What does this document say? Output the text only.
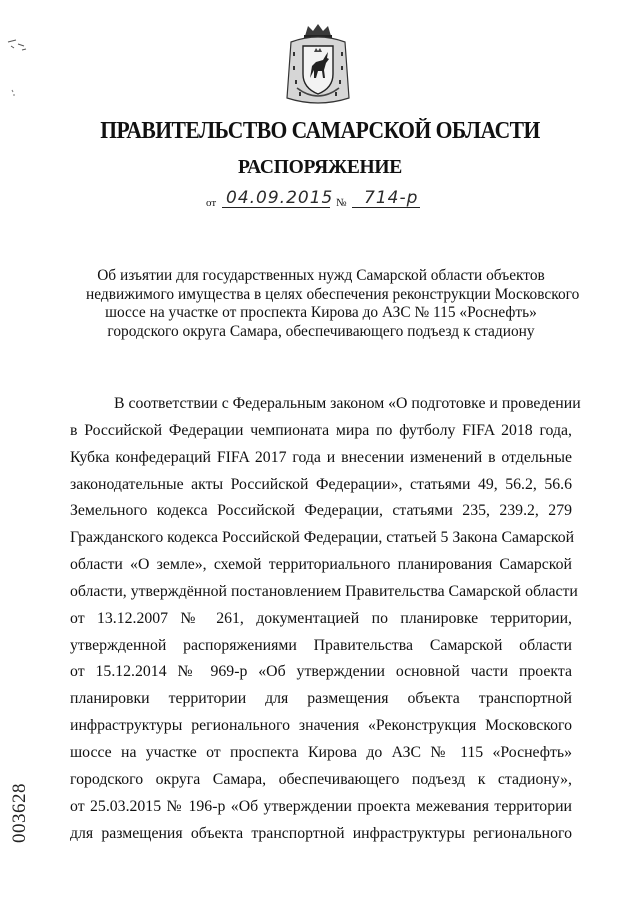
ПРАВИТЕЛЬСТВО САМАРСКОЙ ОБЛАСТИ
РАСПОРЯЖЕНИЕ
от 04.09.2015 № 714-р
Об изъятии для государственных нужд Самарской области объектов
недвижимого имущества в целях обеспечения реконструкции Московского
шоссе на участке от проспекта Кирова до АЗС № 115 «Роснефть»
городского округа Самара, обеспечивающего подъезд к стадиону
В соответствии с Федеральным законом «О подготовке и проведении
в Российской Федерации чемпионата мира по футболу FIFA 2018 года,
Кубка конфедераций FIFA 2017 года и внесении изменений в отдельные
законодательные акты Российской Федерации», статьями 49, 56.2, 56.6
Земельного кодекса Российской Федерации, статьями 235, 239.2, 279
Гражданского кодекса Российской Федерации, статьей 5 Закона Самарской
области «О земле», схемой территориального планирования Самарской
области, утверждённой постановлением Правительства Самарской области
от 13.12.2007 № 261, документацией по планировке территории,
утвержденной распоряжениями Правительства Самарской области
от 15.12.2014 № 969-р «Об утверждении основной части проекта
планировки территории для размещения объекта транспортной
инфраструктуры регионального значения «Реконструкция Московского
шоссе на участке от проспекта Кирова до АЗС № 115 «Роснефть»
городского округа Самара, обеспечивающего подъезд к стадиону»,
от 25.03.2015 № 196-р «Об утверждении проекта межевания территории
для размещения объекта транспортной инфраструктуры регионального
003628
